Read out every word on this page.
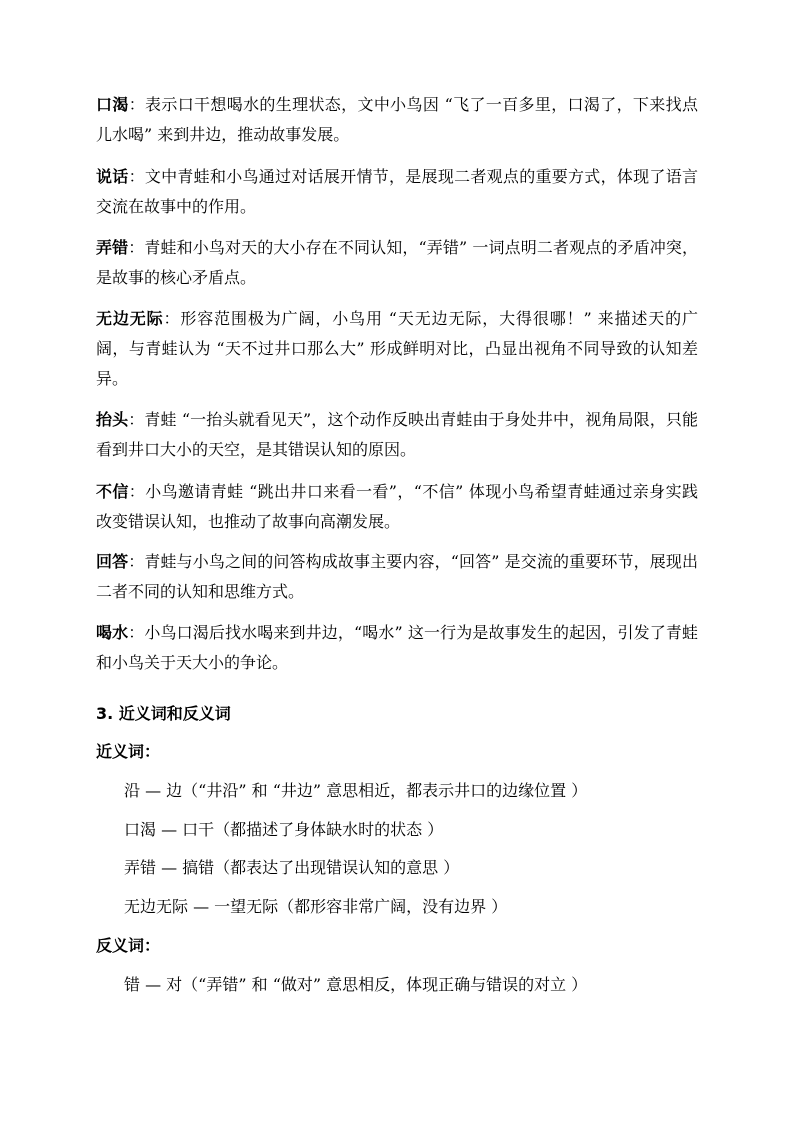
口渴：表示口干想喝水的生理状态，文中小鸟因 “飞了一百多里，口渴了，下来找点儿水喝” 来到井边，推动故事发展。

说话：文中青蛙和小鸟通过对话展开情节，是展现二者观点的重要方式，体现了语言交流在故事中的作用。

弄错：青蛙和小鸟对天的大小存在不同认知，“弄错” 一词点明二者观点的矛盾冲突，是故事的核心矛盾点。

无边无际：形容范围极为广阔，小鸟用 “天无边无际，大得很哪！” 来描述天的广阔，与青蛙认为 “天不过井口那么大” 形成鲜明对比，凸显出视角不同导致的认知差异。

抬头：青蛙 “一抬头就看见天”，这个动作反映出青蛙由于身处井中，视角局限，只能看到井口大小的天空，是其错误认知的原因。

不信：小鸟邀请青蛙 “跳出井口来看一看”，“不信” 体现小鸟希望青蛙通过亲身实践改变错误认知，也推动了故事向高潮发展。

回答：青蛙与小鸟之间的问答构成故事主要内容，“回答” 是交流的重要环节，展现出二者不同的认知和思维方式。

喝水：小鸟口渴后找水喝来到井边，“喝水” 这一行为是故事发生的起因，引发了青蛙和小鸟关于天大小的争论。

3. 近义词和反义词
近义词：
沿 — 边（“井沿” 和 “井边” 意思相近，都表示井口的边缘位置 ）
口渴 — 口干（都描述了身体缺水时的状态 ）
弄错 — 搞错（都表达了出现错误认知的意思 ）
无边无际 — 一望无际（都形容非常广阔，没有边界 ）
反义词：
错 — 对（“弄错” 和 “做对” 意思相反，体现正确与错误的对立 ）
